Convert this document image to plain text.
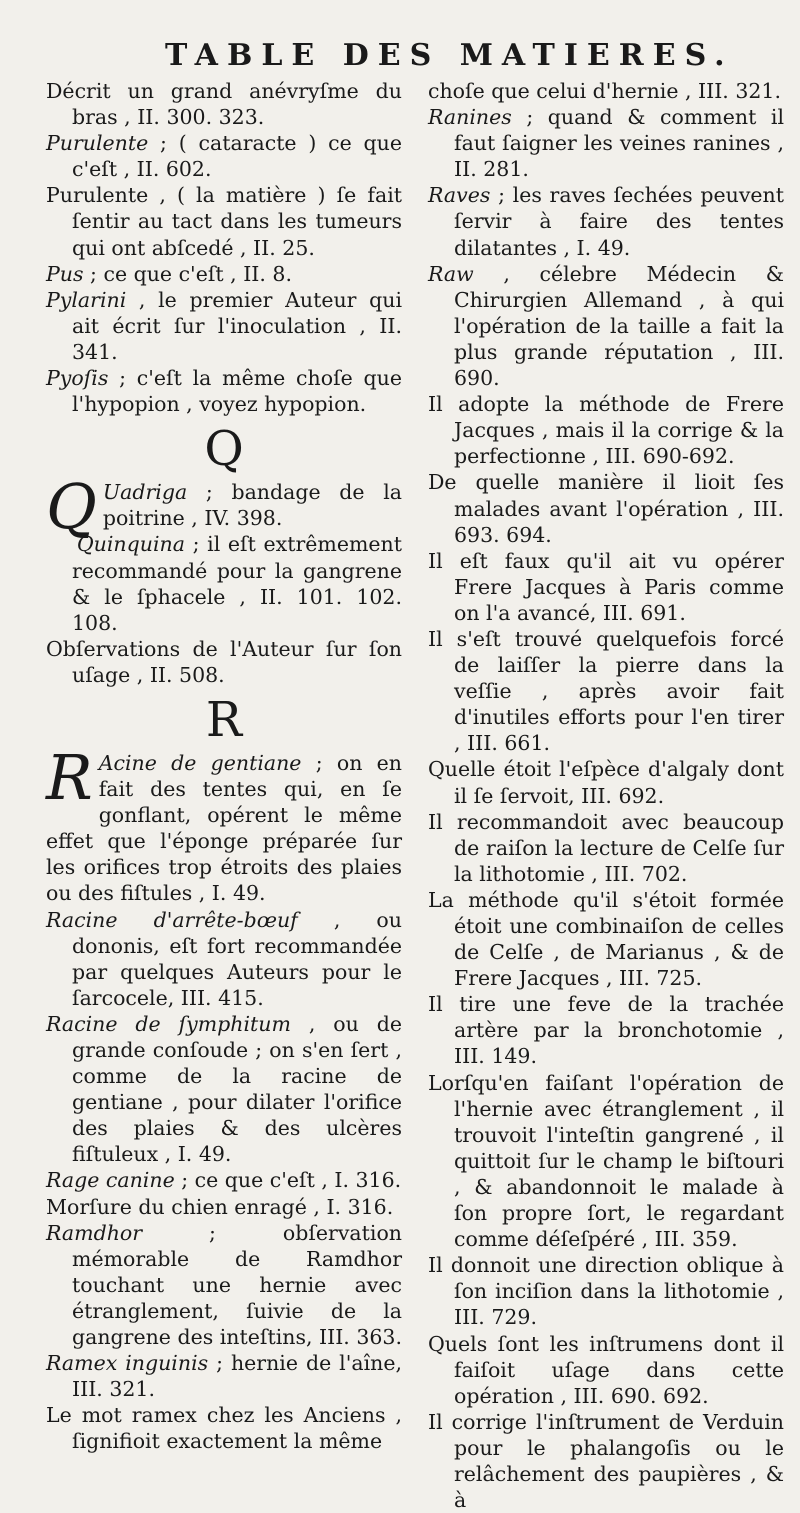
TABLE DES MATIERES.

Décrit un grand anévryſme du bras , II. 300. 323.

Purulente ; ( cataracte ) ce que c'eſt , II. 602.

Purulente , ( la matière ) ſe fait ſentir au tact dans les tumeurs qui ont abſcedé , II. 25.

Pus ; ce que c'eſt , II. 8.

Pylarini , le premier Auteur qui ait écrit ſur l'inoculation , II. 341.

Pyoſis ; c'eſt la même choſe que l'hypopion , voyez hypopion.

Q

Q Uadriga ; bandage de la poitrine , IV. 398.

Quinquina ; il eſt extrêmement recommandé pour la gangrene & le ſphacele , II. 101. 102. 108.

Obſervations de l'Auteur ſur ſon uſage , II. 508.

R

R Acine de gentiane ; on en fait des tentes qui, en ſe gonflant, opérent le même effet que l'éponge préparée ſur les orifices trop étroits des plaies ou des fiſtules , I. 49.

Racine d'arrête-bœuf , ou dononis, eſt fort recommandée par quelques Auteurs pour le ſarcocele, III. 415.

Racine de ſymphitum , ou de grande conſoude ; on s'en ſert , comme de la racine de gentiane , pour dilater l'orifice des plaies & des ulcères fiſtuleux , I. 49.

Rage canine ; ce que c'eſt , I. 316.

Morſure du chien enragé , I. 316.

Ramdhor ; obſervation mémorable de Ramdhor touchant une hernie avec étranglement, ſuivie de la gangrene des inteſtins, III. 363.

Ramex inguinis ; hernie de l'aîne, III. 321.

Le mot ramex chez les Anciens , ſignifioit exactement la même

choſe que celui d'hernie , III. 321.

Ranines ; quand & comment il faut ſaigner les veines ranines , II. 281.

Raves ; les raves ſechées peuvent ſervir à faire des tentes dilatantes , I. 49.

Raw , célebre Médecin & Chirurgien Allemand , à qui l'opération de la taille a fait la plus grande réputation , III. 690.

Il adopte la méthode de Frere Jacques , mais il la corrige & la perfectionne , III. 690-692.

De quelle manière il lioit ſes malades avant l'opération , III. 693. 694.

Il eſt faux qu'il ait vu opérer Frere Jacques à Paris comme on l'a avancé, III. 691.

Il s'eſt trouvé quelquefois forcé de laiſſer la pierre dans la veſſie , après avoir fait d'inutiles efforts pour l'en tirer , III. 661.

Quelle étoit l'eſpèce d'algaly dont il ſe ſervoit, III. 692.

Il recommandoit avec beaucoup de raiſon la lecture de Celſe ſur la lithotomie , III. 702.

La méthode qu'il s'étoit formée étoit une combinaiſon de celles de Celſe , de Marianus , & de Frere Jacques , III. 725.

Il tire une feve de la trachée artère par la bronchotomie , III. 149.

Lorſqu'en faiſant l'opération de l'hernie avec étranglement , il trouvoit l'inteſtin gangrené , il quittoit ſur le champ le biſtouri , & abandonnoit le malade à ſon propre ſort, le regardant comme déſeſpéré , III. 359.

Il donnoit une direction oblique à ſon inciſion dans la lithotomie , III. 729.

Quels ſont les inſtrumens dont il faiſoit uſage dans cette opération , III. 690. 692.

Il corrige l'inſtrument de Verduin pour le phalangoſis ou le relâchement des paupières , & à
